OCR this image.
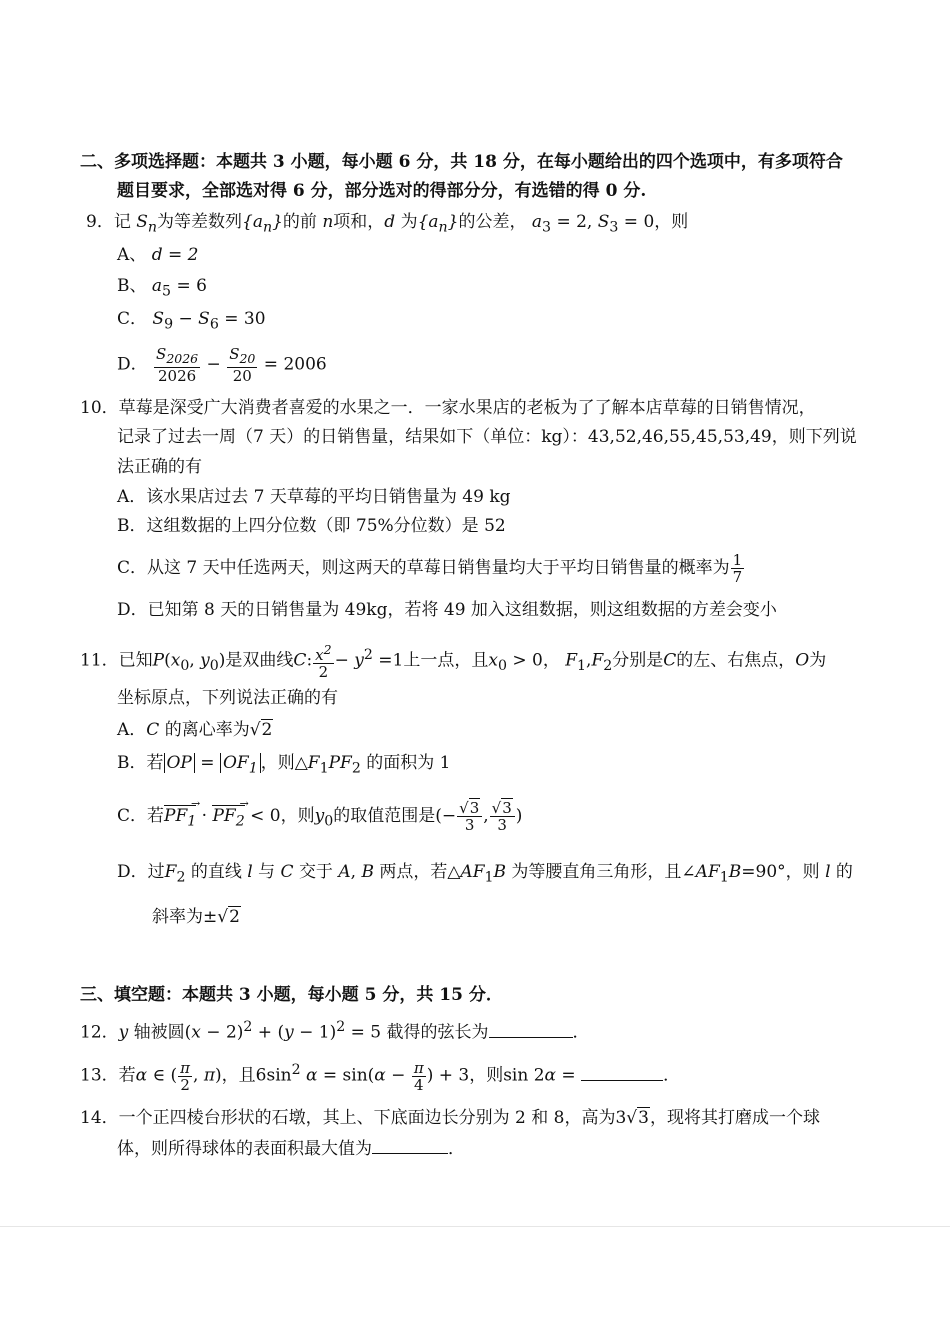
二、多项选择题：本题共 3 小题，每小题 6 分，共 18 分，在每小题给出的四个选项中，有多项符合
题目要求，全部选对得 6 分，部分选对的得部分分，有选错的得 0 分.
9．记 $S_n$为等差数列$\{a_n\}$的前 n项和，d 为$\{a_n\}$的公差， $a_3 = 2$, $S_3 = 0$，则
A、 d = 2
B、 $a_5 = 6$
C． $S_9 - S_6 = 30$
D． $\frac{S_{2026}}{2026} - \frac{S_{20}}{20} = 2006$
10．草莓是深受广大消费者喜爱的水果之一．一家水果店的老板为了了解本店草莓的日销售情况，
记录了过去一周（7 天）的日销售量，结果如下（单位：kg）：43,52,46,55,45,53,49，则下列说
法正确的有
A．该水果店过去 7 天草莓的平均日销售量为 49 kg
B．这组数据的上四分位数（即 75%分位数）是 52
C．从这 7 天中任选两天，则这两天的草莓日销售量均大于平均日销售量的概率为 $\frac{1}{7}$
D．已知第 8 天的日销售量为 49kg，若将 49 加入这组数据，则这组数据的方差会变小
11．已知$P(x_0$, $y_0$)是双曲线C: $\frac{x^2}{2} - y^2 =1$上一点，且$x_0 > 0$， $F_1,F_2$分别是C的左、右焦点，O为
坐标原点，下列说法正确的有
A．C 的离心率为√2
B．若 OP = $OF_1$ ，则$\triangle F_1PF_2$ 的面积为 1
C．若$PF_1$ → · $PF_2$ → < 0，则$y_0$的取值范围是(− $\frac{√3}{3}$ , $\frac{√3}{3}$ )
D．过$F_2$ 的直线 l 与 C 交于 A, B 两点，若$\triangle AF_1B$ 为等腰直角三角形，且$\angle AF_1B=90^\circ$，则 l 的
斜率为±√2
三、填空题：本题共 3 小题，每小题 5 分，共 15 分．
12．y 轴被圆$(x - 2)^2 + (y - 1)^2 = 5$ 截得的弦长为	．
13．若α ∈ ( $\frac{\pi}{2}$ , π)，且$6\sin^2$ $\alpha = \sin(\alpha - \frac{\pi}{4}$ ) + 3，则sin 2α =	．
14．一个正四棱台形状的石墩，其上、下底面边长分别为 2 和 8，高为3√3，现将其打磨成一个球
体，则所得球体的表面积最大值为	．
